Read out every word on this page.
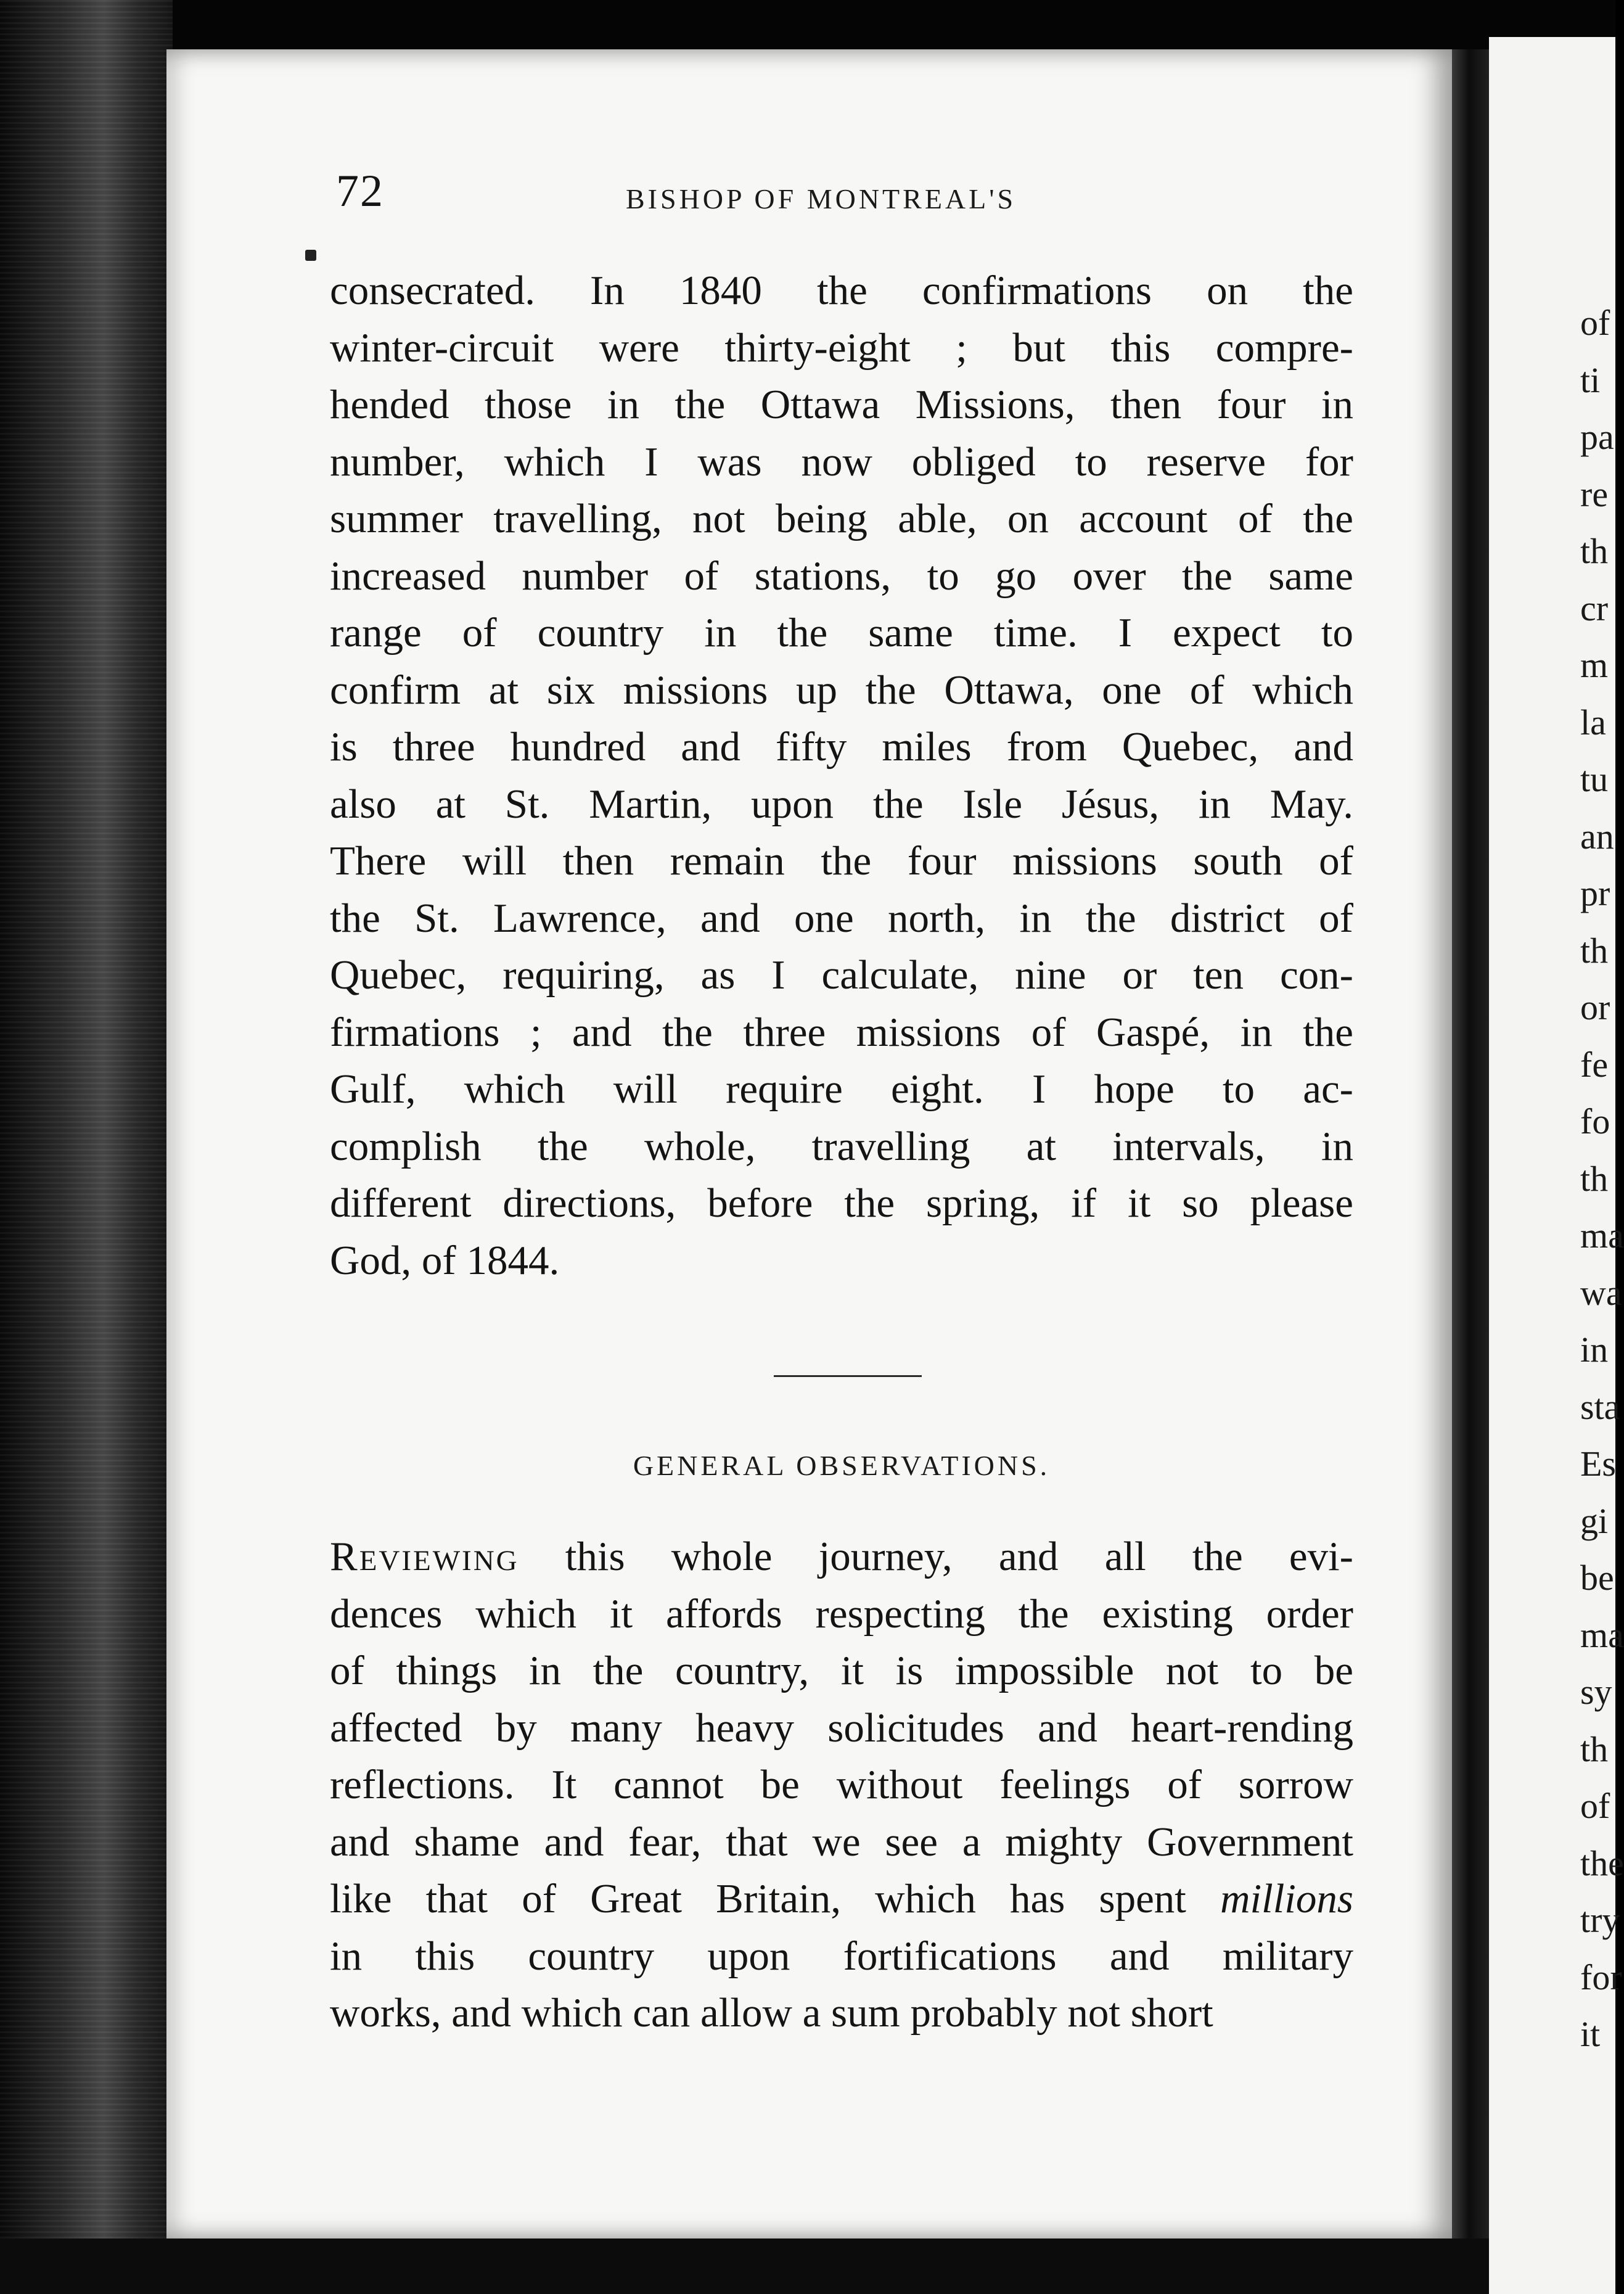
of
ti
pa
re
th
cr
m
la
tu
an
pr
th
or
fe
fo
th
ma
wa
in
sta
Es
gi
be
ma
sy
th
of
the
try
for
it
72	BISHOP OF MONTREAL'S
consecrated. In 1840 the confirmations on the
winter-circuit were thirty-eight ; but this compre-
hended those in the Ottawa Missions, then four in
number, which I was now obliged to reserve for
summer travelling, not being able, on account of the
increased number of stations, to go over the same
range of country in the same time. I expect to
confirm at six missions up the Ottawa, one of which
is three hundred and fifty miles from Quebec, and
also at St. Martin, upon the Isle Jésus, in May.
There will then remain the four missions south of
the St. Lawrence, and one north, in the district of
Quebec, requiring, as I calculate, nine or ten con-
firmations ; and the three missions of Gaspé, in the
Gulf, which will require eight. I hope to ac-
complish the whole, travelling at intervals, in
different directions, before the spring, if it so please
God, of 1844.
GENERAL OBSERVATIONS.
Reviewing this whole journey, and all the evi-
dences which it affords respecting the existing order
of things in the country, it is impossible not to be
affected by many heavy solicitudes and heart-rending
reflections. It cannot be without feelings of sorrow
and shame and fear, that we see a mighty Government
like that of Great Britain, which has spent millions
in this country upon fortifications and military
works, and which can allow a sum probably not short
